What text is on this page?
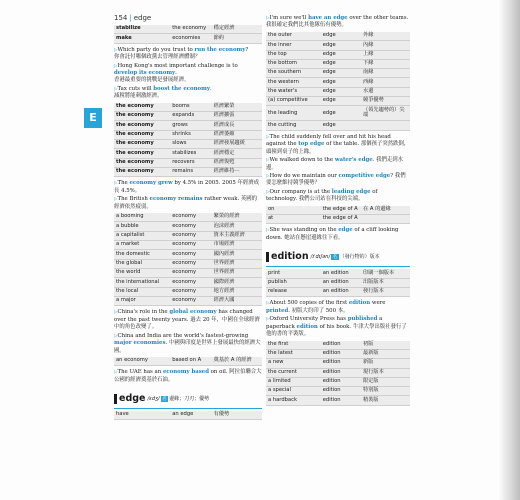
E
154 | edge
stabilize	the economy	穩定經濟
make	economies	節約
▷Which party do you trust to run the economy?
你會託付哪個政黨去管理經濟體制？
▷Hong Kong's most important challenge is to develop its economy.
香港最重要的挑戰是發展經濟。
▷Tax cuts will boost the economy.
減稅將能刺激經濟。
the economy	booms	經濟繁榮
the economy	expands	經濟擴張
the economy	grows	經濟成長
the economy	shrinks	經濟萎縮
the economy	slows	經濟發展趨緩
the economy	stabilizes	經濟穩定
the economy	recovers	經濟復甦
the economy	remains	經濟維持⋯
▷The economy grew by 4.5% in 2005. 2005 年經濟成長 4.5%。
▷The British economy remains rather weak. 英國的經濟依然疲弱。
a booming	economy	繁榮的經濟
a bubble	economy	泡沫經濟
a capitalist	economy	資本主義經濟
a market	economy	市場經濟
the domestic	economy	國內經濟
the global	economy	世界經濟
the world	economy	世界經濟
the international	economy	國際經濟
the local	economy	地方經濟
a major	economy	經濟大國
▷China's role in the global economy has changed over the past twenty years. 過去 20 年，中國在全球經濟中的角色改變了。
▷China and India are the world's fastest-growing major economies. 中國與印度是世界上發展最快的經濟大國。
an economy	based on A	奠基於 A 的經濟
▷The UAE has an economy based on oil. 阿拉伯聯合大公國的經濟奠基於石油。
edge /ɛdʒ/ 名 邊緣；刀刃；優勢
have	an edge	有優勢
▷I'm sure we'll have an edge over the other teams. 我很確定我們比其他隊伍有優勢。
the outer	edge	外緣
the inner	edge	內緣
the top	edge	上緣
the bottom	edge	下緣
the southern	edge	南緣
the western	edge	西緣
the water's	edge	水邊
(a) competitive	edge	競爭優勢
the leading	edge	（領先趨勢的）尖端
the cutting	edge	
▷The child suddenly fell over and hit his head against the top edge of the table. 那個孩子突然跌倒，頭撞到桌子的上緣。
▷We walked down to the water's edge. 我們走到水邊。
▷How do we maintain our competitive edge? 我們要怎麼維持競爭優勢？
▷Our company is at the leading edge of technology. 我們公司站在科技的尖端。
on	the edge of A	在 A 的邊緣
at	the edge of A	
▷She was standing on the edge of a cliff looking down. 她站在懸崖邊緣往下看。
edition /ɪˈdɪʃən/ 名 （發行物的）版本
print	an edition	印刷一個版本
publish	an edition	出版版本
release	an edition	發行版本
▷About 500 copies of the first edition were printed. 初版大約印了 500 本。
▷Oxford University Press has published a paperback edition of his book. 牛津大學出版社發行了他的書的平裝版。
the first	edition	初版
the latest	edition	最新版
a new	edition	新版
the current	edition	現行版本
a limited	edition	限定版
a special	edition	特別版
a hardback	edition	精裝版
